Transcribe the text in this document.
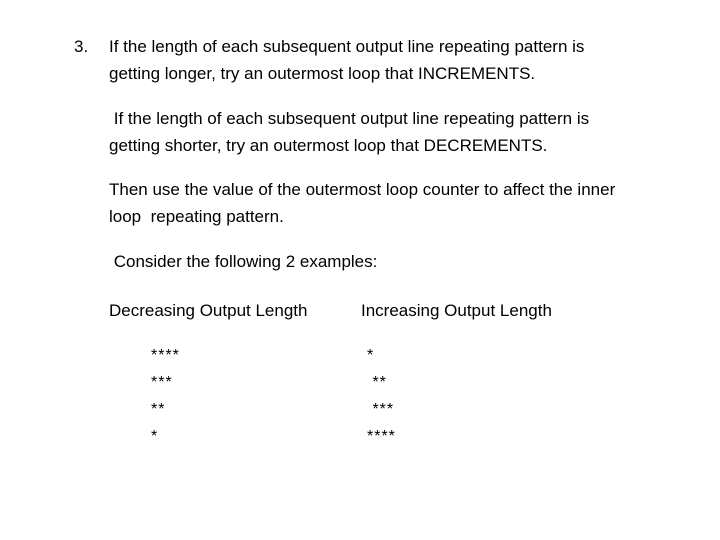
3. If the length of each subsequent output line repeating pattern is
getting longer, try an outermost loop that INCREMENTS.
If the length of each subsequent output line repeating pattern is
getting shorter, try an outermost loop that DECREMENTS.
Then use the value of the outermost loop counter to affect the inner
loop  repeating pattern.
Consider the following 2 examples:
Decreasing Output Length	Increasing Output Length
****
***
**
*
*
**
***
****
